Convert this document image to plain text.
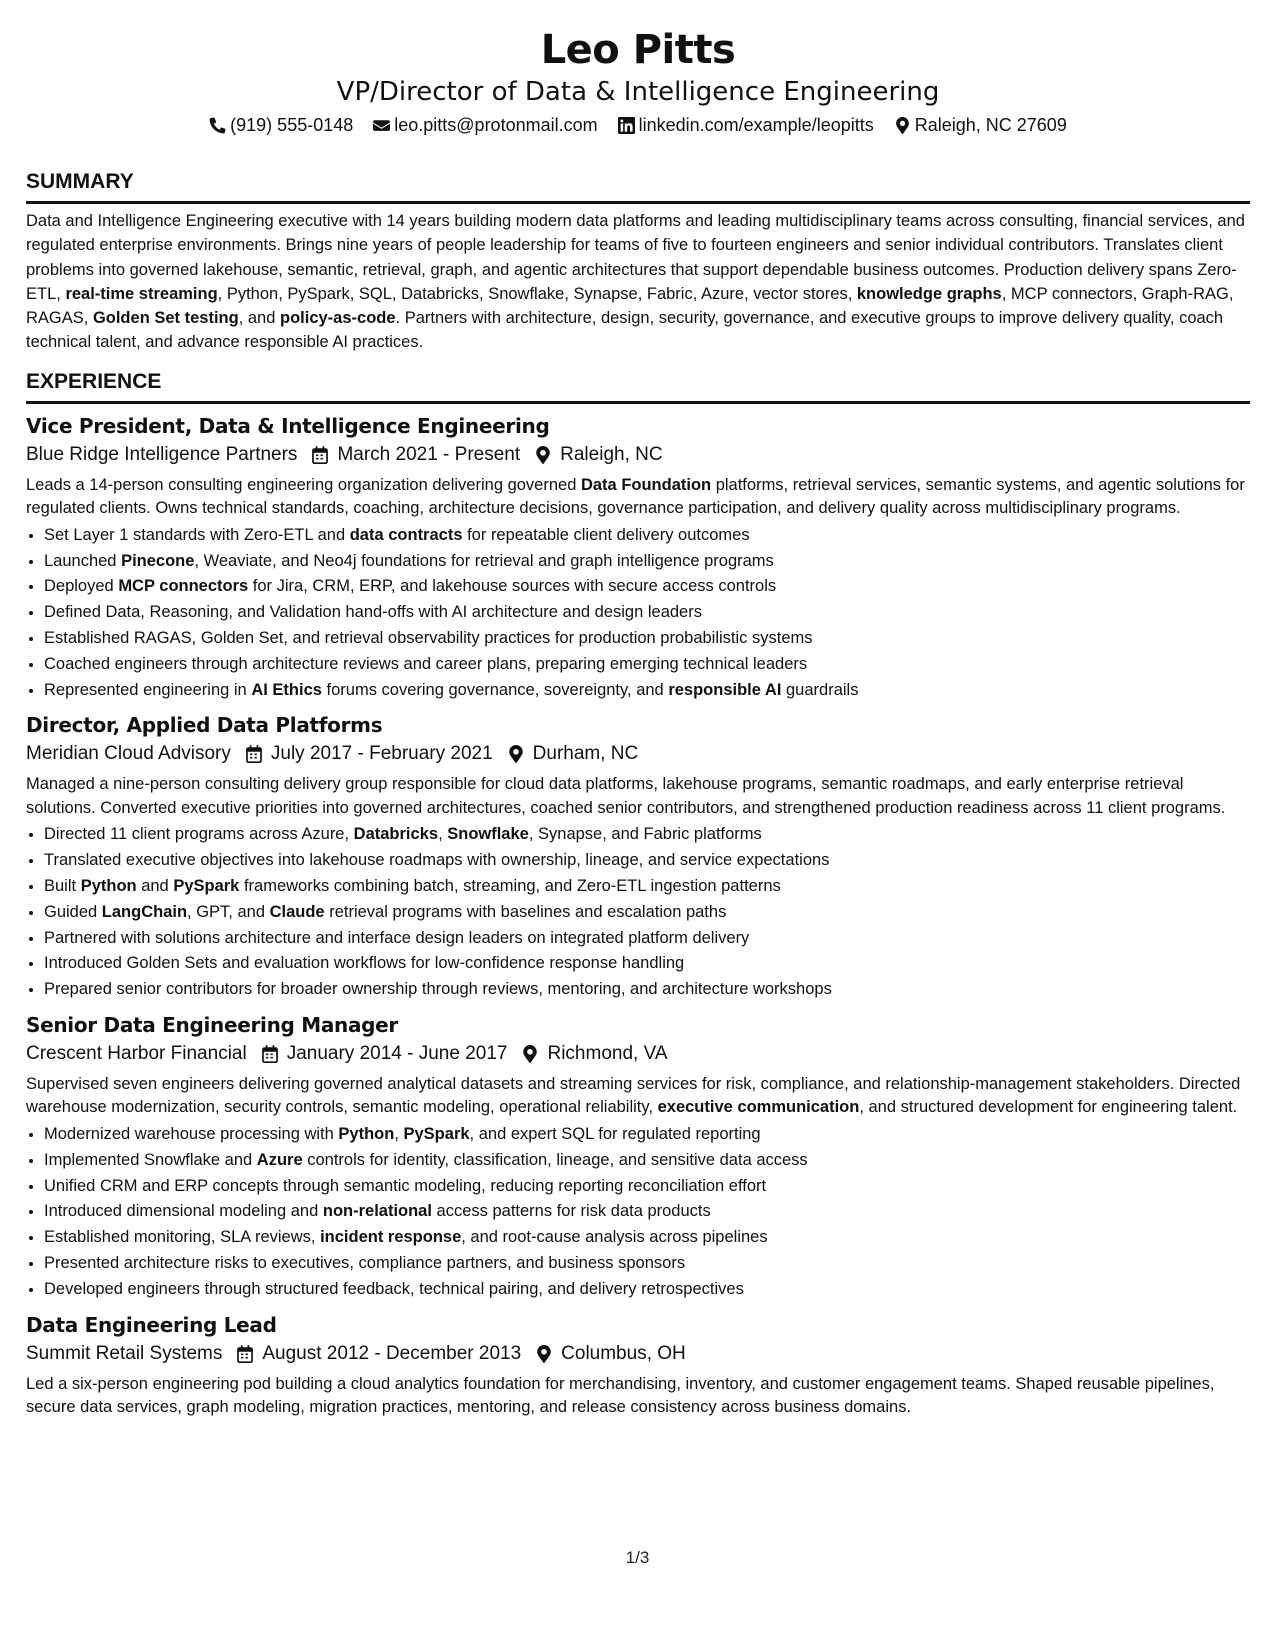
Leo Pitts
VP/Director of Data & Intelligence Engineering
(919) 555-0148 leo.pitts@protonmail.com linkedin.com/example/leopitts Raleigh, NC 27609
SUMMARY
Data and Intelligence Engineering executive with 14 years building modern data platforms and leading multidisciplinary teams across consulting, financial services, and regulated enterprise environments. Brings nine years of people leadership for teams of five to fourteen engineers and senior individual contributors. Translates client problems into governed lakehouse, semantic, retrieval, graph, and agentic architectures that support dependable business outcomes. Production delivery spans Zero-ETL, real-time streaming, Python, PySpark, SQL, Databricks, Snowflake, Synapse, Fabric, Azure, vector stores, knowledge graphs, MCP connectors, Graph-RAG, RAGAS, Golden Set testing, and policy-as-code. Partners with architecture, design, security, governance, and executive groups to improve delivery quality, coach technical talent, and advance responsible AI practices.
EXPERIENCE
Vice President, Data & Intelligence Engineering
Blue Ridge Intelligence Partners March 2021 - Present Raleigh, NC
Leads a 14-person consulting engineering organization delivering governed Data Foundation platforms, retrieval services, semantic systems, and agentic solutions for regulated clients. Owns technical standards, coaching, architecture decisions, governance participation, and delivery quality across multidisciplinary programs.
• Set Layer 1 standards with Zero-ETL and data contracts for repeatable client delivery outcomes
• Launched Pinecone, Weaviate, and Neo4j foundations for retrieval and graph intelligence programs
• Deployed MCP connectors for Jira, CRM, ERP, and lakehouse sources with secure access controls
• Defined Data, Reasoning, and Validation hand-offs with AI architecture and design leaders
• Established RAGAS, Golden Set, and retrieval observability practices for production probabilistic systems
• Coached engineers through architecture reviews and career plans, preparing emerging technical leaders
• Represented engineering in AI Ethics forums covering governance, sovereignty, and responsible AI guardrails
Director, Applied Data Platforms
Meridian Cloud Advisory July 2017 - February 2021 Durham, NC
Managed a nine-person consulting delivery group responsible for cloud data platforms, lakehouse programs, semantic roadmaps, and early enterprise retrieval solutions. Converted executive priorities into governed architectures, coached senior contributors, and strengthened production readiness across 11 client programs.
• Directed 11 client programs across Azure, Databricks, Snowflake, Synapse, and Fabric platforms
• Translated executive objectives into lakehouse roadmaps with ownership, lineage, and service expectations
• Built Python and PySpark frameworks combining batch, streaming, and Zero-ETL ingestion patterns
• Guided LangChain, GPT, and Claude retrieval programs with baselines and escalation paths
• Partnered with solutions architecture and interface design leaders on integrated platform delivery
• Introduced Golden Sets and evaluation workflows for low-confidence response handling
• Prepared senior contributors for broader ownership through reviews, mentoring, and architecture workshops
Senior Data Engineering Manager
Crescent Harbor Financial January 2014 - June 2017 Richmond, VA
Supervised seven engineers delivering governed analytical datasets and streaming services for risk, compliance, and relationship-management stakeholders. Directed warehouse modernization, security controls, semantic modeling, operational reliability, executive communication, and structured development for engineering talent.
• Modernized warehouse processing with Python, PySpark, and expert SQL for regulated reporting
• Implemented Snowflake and Azure controls for identity, classification, lineage, and sensitive data access
• Unified CRM and ERP concepts through semantic modeling, reducing reporting reconciliation effort
• Introduced dimensional modeling and non-relational access patterns for risk data products
• Established monitoring, SLA reviews, incident response, and root-cause analysis across pipelines
• Presented architecture risks to executives, compliance partners, and business sponsors
• Developed engineers through structured feedback, technical pairing, and delivery retrospectives
Data Engineering Lead
Summit Retail Systems August 2012 - December 2013 Columbus, OH
Led a six-person engineering pod building a cloud analytics foundation for merchandising, inventory, and customer engagement teams. Shaped reusable pipelines, secure data services, graph modeling, migration practices, mentoring, and release consistency across business domains.
1/3
